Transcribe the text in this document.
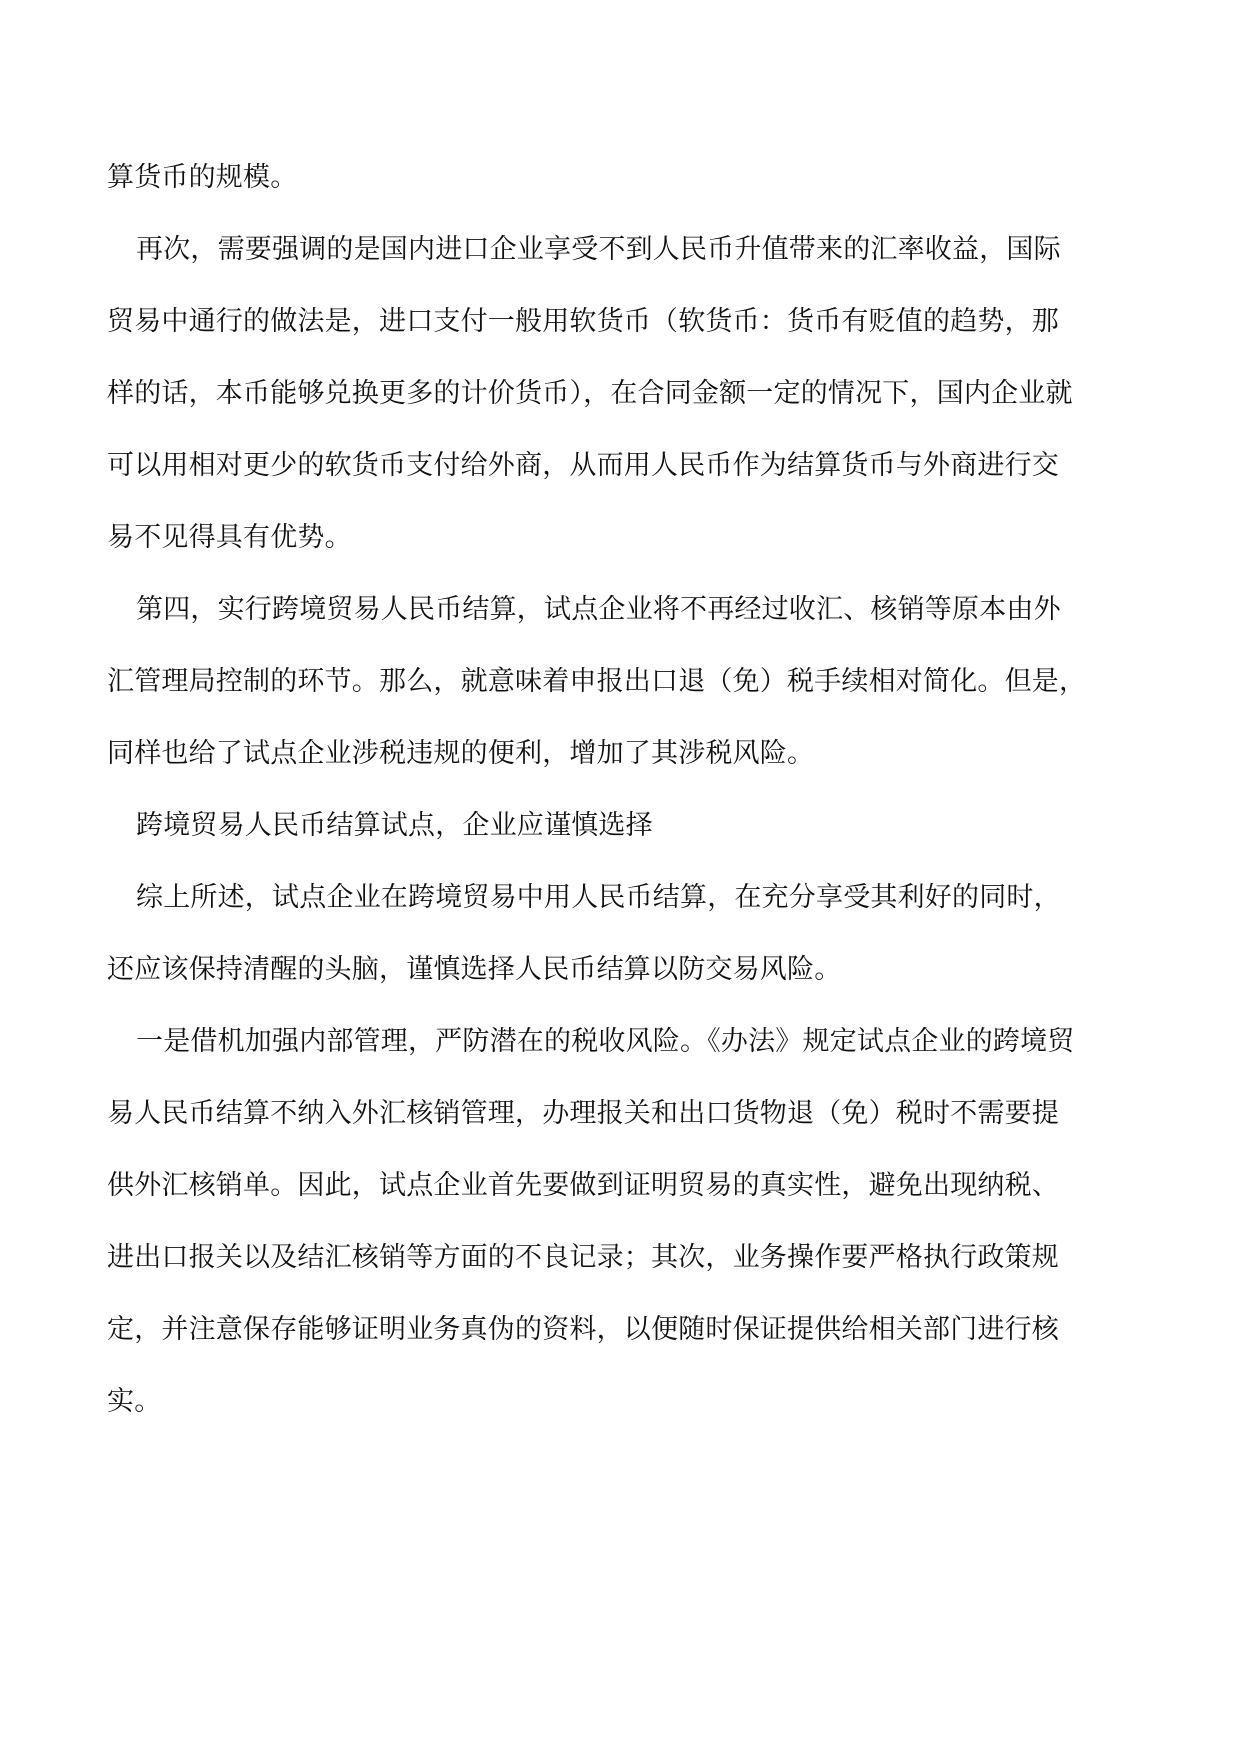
算货币的规模。
再次，需要强调的是国内进口企业享受不到人民币升值带来的汇率收益，国际
贸易中通行的做法是，进口支付一般用软货币（软货币：货币有贬值的趋势，那
样的话，本币能够兑换更多的计价货币），在合同金额一定的情况下，国内企业就
可以用相对更少的软货币支付给外商，从而用人民币作为结算货币与外商进行交
易不见得具有优势。
第四，实行跨境贸易人民币结算，试点企业将不再经过收汇、核销等原本由外
汇管理局控制的环节。那么，就意味着申报出口退（免）税手续相对简化。但是，
同样也给了试点企业涉税违规的便利，增加了其涉税风险。
跨境贸易人民币结算试点，企业应谨慎选择
综上所述，试点企业在跨境贸易中用人民币结算，在充分享受其利好的同时，
还应该保持清醒的头脑，谨慎选择人民币结算以防交易风险。
一是借机加强内部管理，严防潜在的税收风险。《办法》规定试点企业的跨境贸
易人民币结算不纳入外汇核销管理，办理报关和出口货物退（免）税时不需要提
供外汇核销单。因此，试点企业首先要做到证明贸易的真实性，避免出现纳税、
进出口报关以及结汇核销等方面的不良记录；其次，业务操作要严格执行政策规
定，并注意保存能够证明业务真伪的资料，以便随时保证提供给相关部门进行核
实。
